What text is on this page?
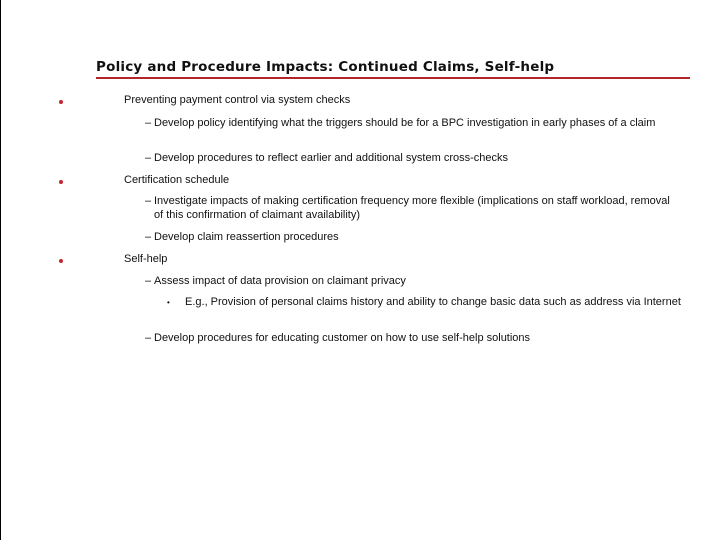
Policy and Procedure Impacts: Continued Claims, Self-help
Preventing payment control via system checks
– Develop policy identifying what the triggers should be for a BPC investigation in early phases of a claim
– Develop procedures to reflect earlier and additional system cross-checks
Certification schedule
– Investigate impacts of making certification frequency more flexible (implications on staff workload, removal of this confirmation of claimant availability)
– Develop claim reassertion procedures
Self-help
– Assess impact of data provision on claimant privacy
• E.g., Provision of personal claims history and ability to change basic data such as address via Internet
– Develop procedures for educating customer on how to use self-help solutions
